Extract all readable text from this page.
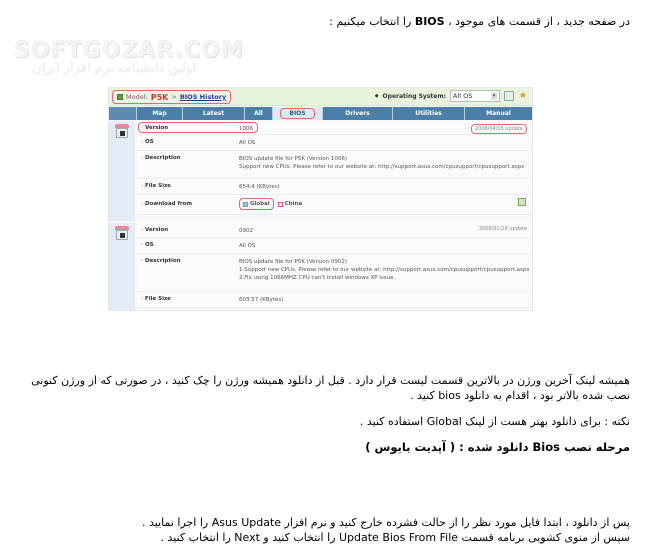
SOFTGOZAR.COM
اولین دانشنامه نرم افزار ایران

در صفحه جدید ، از قسمت های موجود ، BIOS را انتخاب میکنیم :

Model: P5K > BIOS History	◆ Operating System: All OS	▾	★
Map	Latest	All	BIOS	Drivers	Utilities	Manual
› Version	1006	2008/04/15 update
› OS	All OS
› Description	BIOS update file for P5K (Version 1006)
Support new CPUs. Please refer to our website at: http://support.asus.com/cpusupport/cpusupport.aspx
› File Size	654.4 (KBytes)
› Download from	Global	China
› Version	0902	2008/01/28 update
› OS	All OS
› Description	BIOS update file for P5K (Version 0902)
1.Support new CPUs. Please refer to our website at: http://support.asus.com/cpusupport/cpusupport.aspx
2.Fix using 1066MHZ CPU can't install windows XP issue.
› File Size	603.57 (KBytes)

همیشه لینک آخرین ورژن در بالاترین قسمت لیست قرار دارد . قبل از دانلود همیشه ورژن را چک کنید ، در صورتی که از ورژن کنونی نصب شده بالاتر بود ، اقدام به دانلود bios کنید .

نکته : برای دانلود بهتر هست از لینک Global استفاده کنید .

مرحله نصب Bios دانلود شده : ( آپدیت بایوس )

پس از دانلود ، ابتدا فایل مورد نظر را از حالت فشرده خارج کنید و نرم افزار Asus Update را اجرا نمایید .
سپس از منوی کشویی برنامه قسمت Update Bios From File را انتخاب کنید و Next را انتخاب کنید .
